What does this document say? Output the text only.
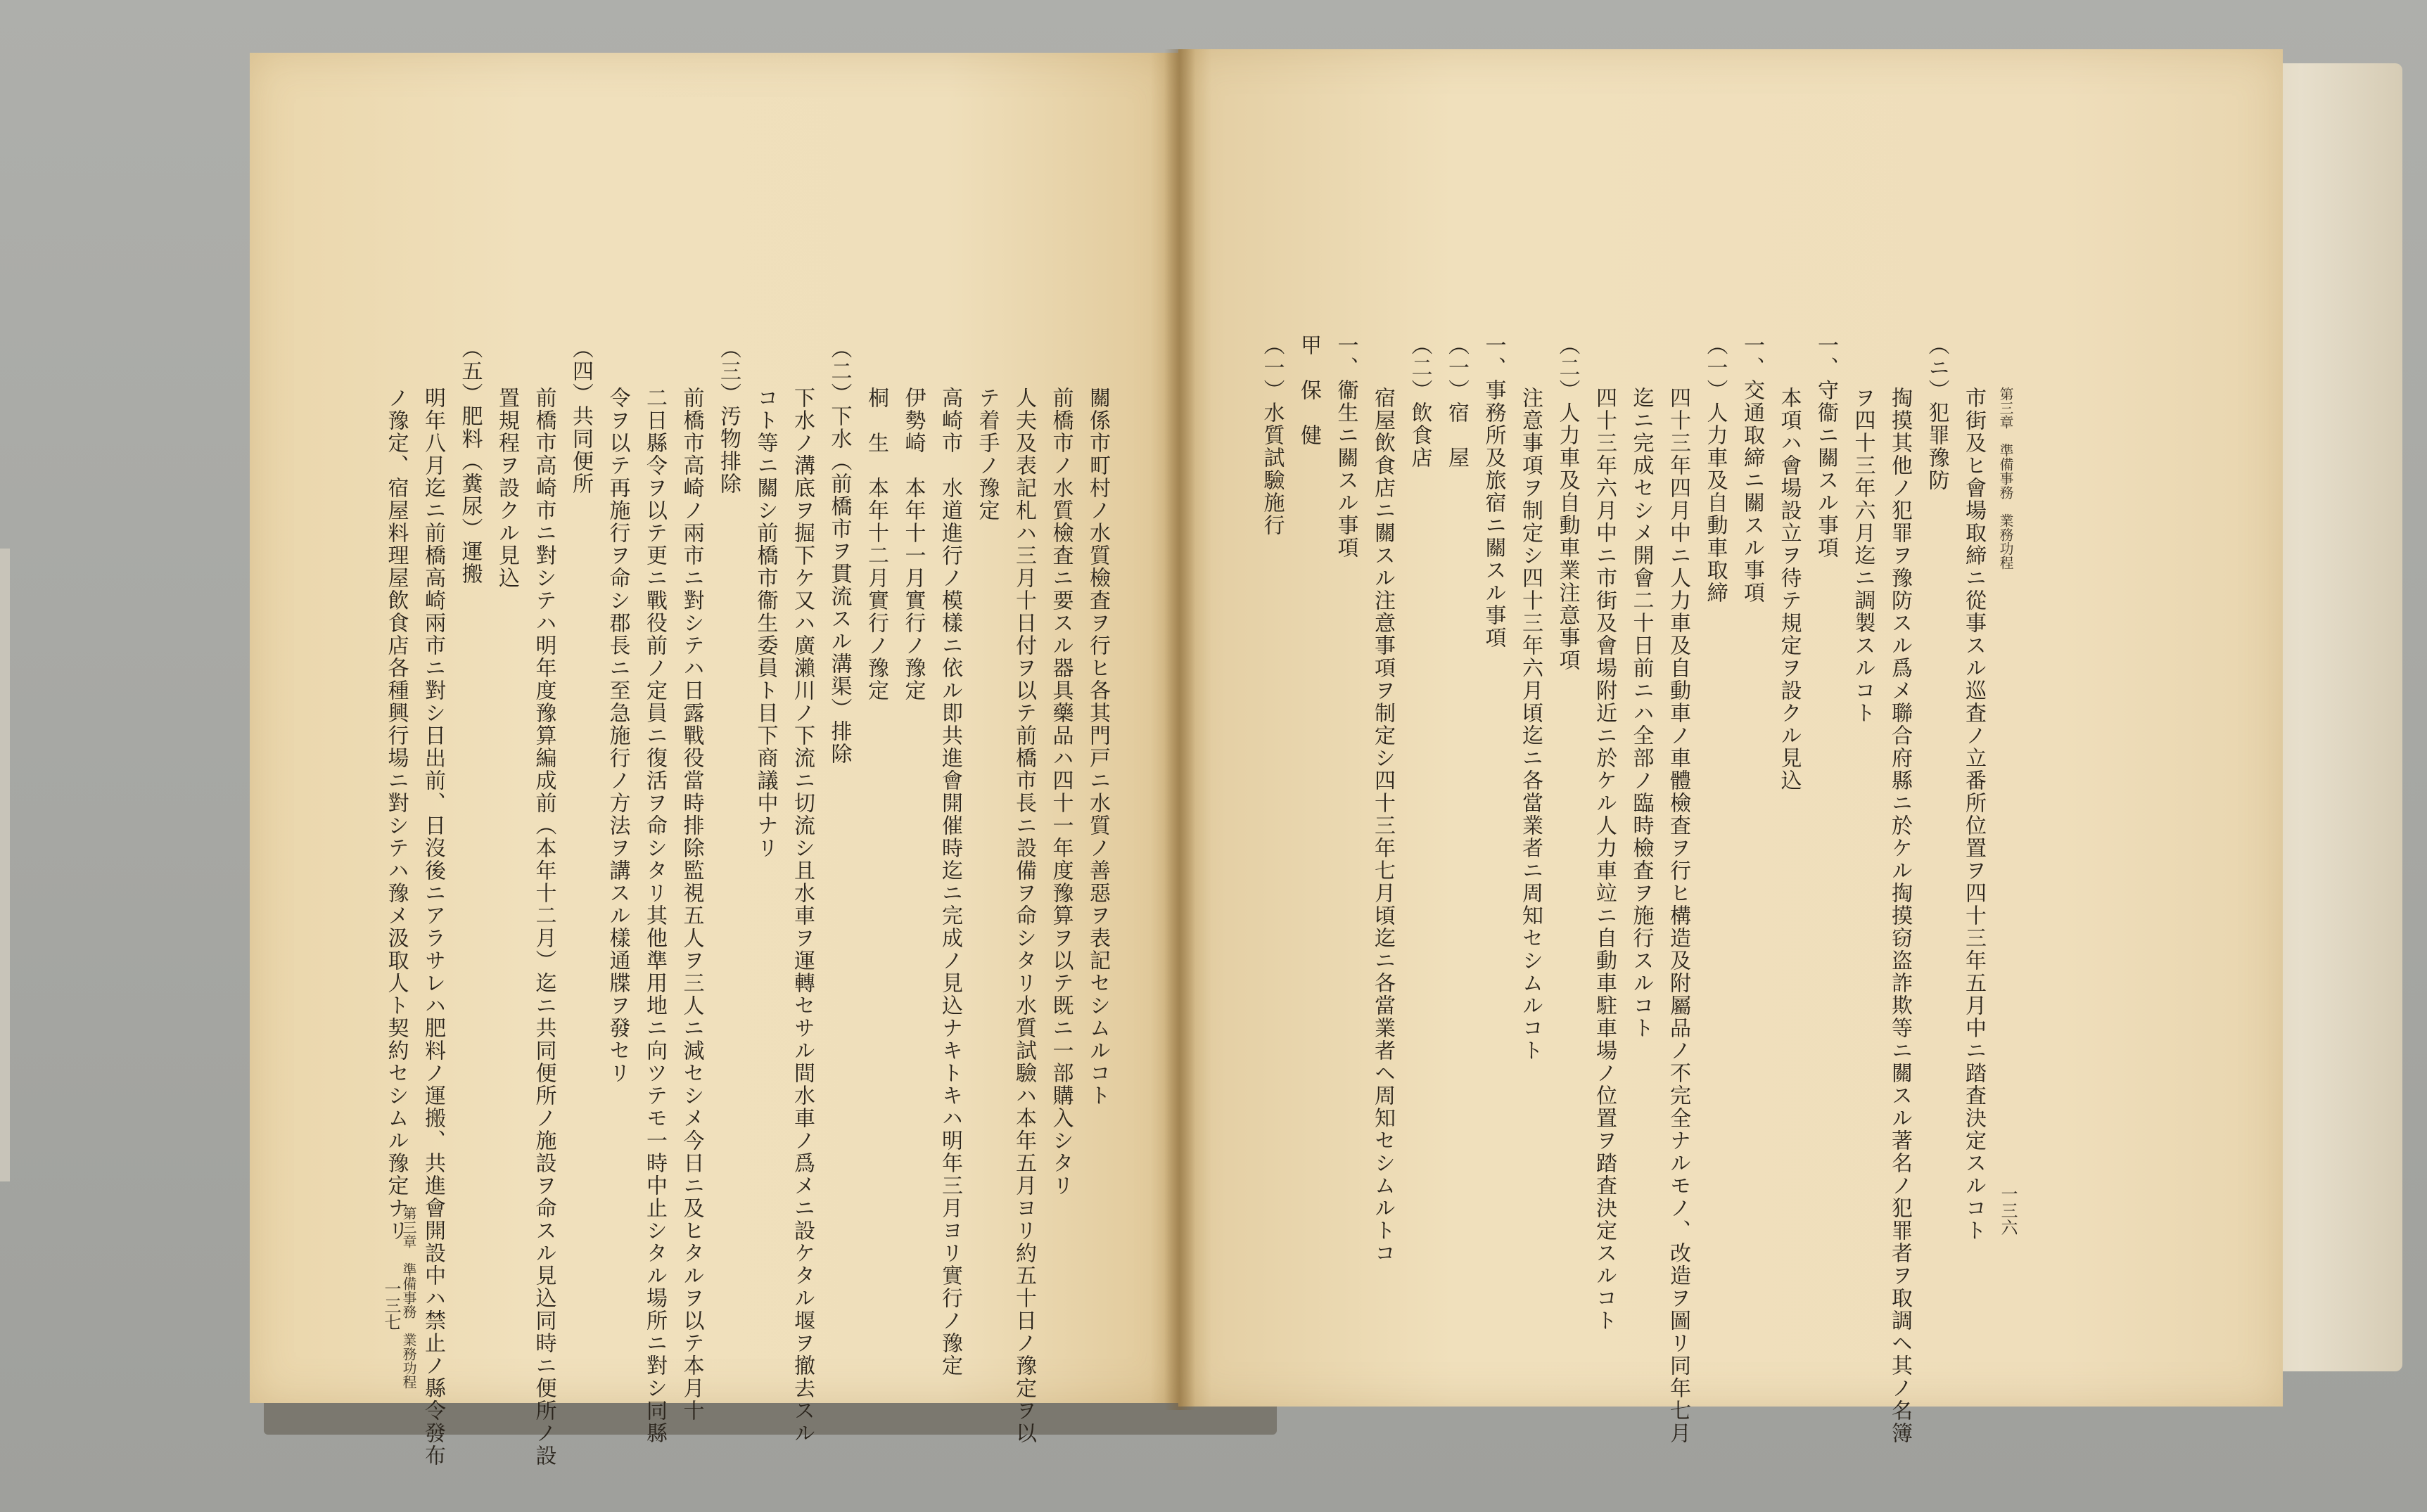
第三章　準備事務　業務功程
一三七
關係市町村ノ水質檢査ヲ行ヒ各其門戸ニ水質ノ善惡ヲ表記セシムルコト
前橋市ノ水質檢査ニ要スル器具藥品ハ四十一年度豫算ヲ以テ既ニ一部購入シタリ
人夫及表記札ハ三月十日付ヲ以テ前橋市長ニ設備ヲ命シタリ水質試驗ハ本年五月ヨリ約五十日ノ豫定ヲ以
テ着手ノ豫定
高崎市　水道進行ノ模樣ニ依ル即共進會開催時迄ニ完成ノ見込ナキトキハ明年三月ヨリ實行ノ豫定
伊勢崎　本年十一月實行ノ豫定
桐　生　本年十二月實行ノ豫定
（二）下水（前橋市ヲ貫流スル溝渠）排除
下水ノ溝底ヲ掘下ケ又ハ廣瀨川ノ下流ニ切流シ且水車ヲ運轉セサル間水車ノ爲メニ設ケタル堰ヲ撤去スル
コト等ニ關シ前橋市衞生委員ト目下商議中ナリ
（三）汚物排除
前橋市高崎ノ兩市ニ對シテハ日露戰役當時排除監視五人ヲ三人ニ減セシメ今日ニ及ヒタルヲ以テ本月十
二日縣令ヲ以テ更ニ戰役前ノ定員ニ復活ヲ命シタリ其他準用地ニ向ツテモ一時中止シタル場所ニ對シ同縣
令ヲ以テ再施行ヲ命シ郡長ニ至急施行ノ方法ヲ講スル樣通牒ヲ發セリ
（四）共同便所
前橋市高崎市ニ對シテハ明年度豫算編成前（本年十二月）迄ニ共同便所ノ施設ヲ命スル見込同時ニ便所ノ設
置規程ヲ設クル見込
（五）肥料（糞尿）運搬
明年八月迄ニ前橋高崎兩市ニ對シ日出前、日沒後ニアラサレハ肥料ノ運搬、共進會開設中ハ禁止ノ縣令發布
ノ豫定、宿屋料理屋飲食店各種興行場ニ對シテハ豫メ汲取人ト契約セシムル豫定ナリ	第三章　準備事務　業務功程
一三六
市街及ヒ會場取締ニ從事スル巡査ノ立番所位置ヲ四十三年五月中ニ踏査決定スルコト
（ニ）犯罪豫防
掏摸其他ノ犯罪ヲ豫防スル爲メ聯合府縣ニ於ケル掏摸窃盗詐欺等ニ關スル著名ノ犯罪者ヲ取調ヘ其ノ名簿
ヲ四十三年六月迄ニ調製スルコト
一、守衞ニ關スル事項
本項ハ會場設立ヲ待テ規定ヲ設クル見込
一、交通取締ニ關スル事項
（一）人力車及自動車取締
四十三年四月中ニ人力車及自動車ノ車體檢査ヲ行ヒ構造及附屬品ノ不完全ナルモノ、改造ヲ圖リ同年七月
迄ニ完成セシメ開會二十日前ニハ全部ノ臨時檢査ヲ施行スルコト
四十三年六月中ニ市街及會場附近ニ於ケル人力車竝ニ自動車駐車場ノ位置ヲ踏査決定スルコト
（二）人力車及自動車業注意事項
注意事項ヲ制定シ四十三年六月頃迄ニ各當業者ニ周知セシムルコト
一、事務所及旅宿ニ關スル事項
（一）宿　屋
（二）飲食店
宿屋飲食店ニ關スル注意事項ヲ制定シ四十三年七月頃迄ニ各當業者ヘ周知セシムルトコ
一、衞生ニ關スル事項
甲　保　健
（一）水質試驗施行
